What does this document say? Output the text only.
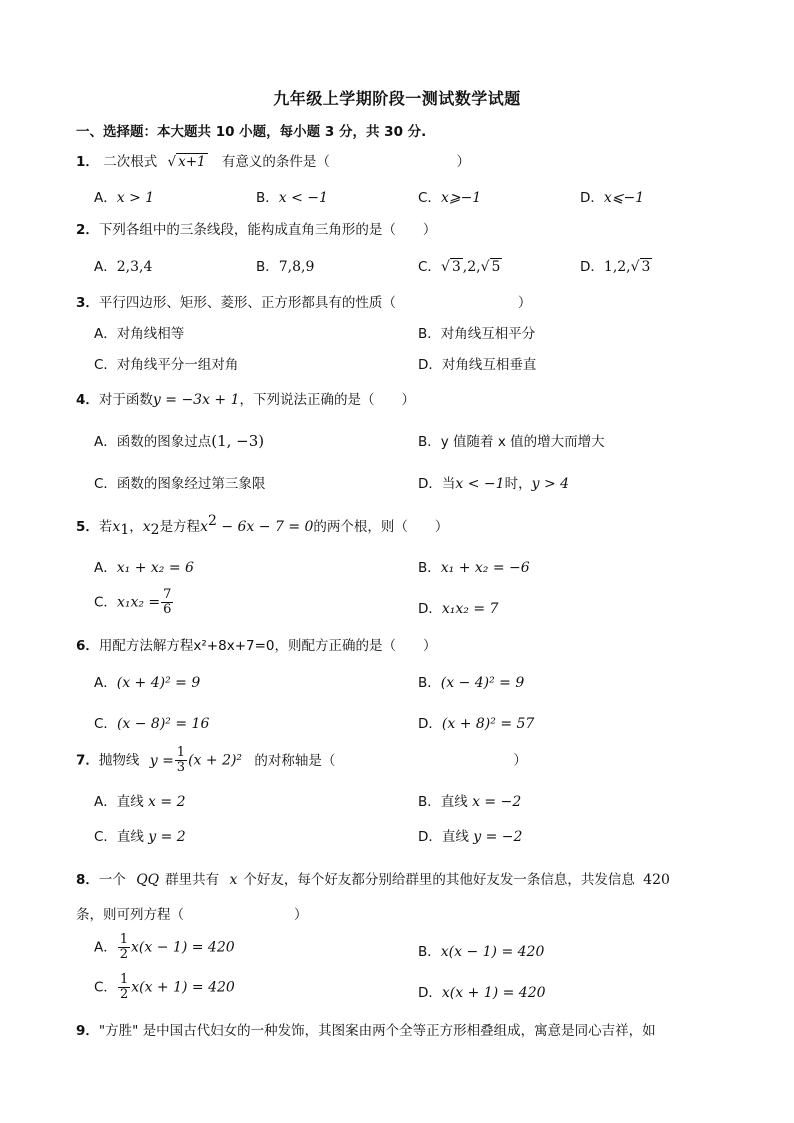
九年级上学期阶段一测试数学试题
一、选择题：本大题共 10 小题，每小题 3 分，共 30 分.
1． 二次根式 √ x+1 有意义的条件是（	）
A．x > 1	B．x < −1	C．x⩾−1	D．x⩽−1
2．下列各组中的三条线段，能构成直角三角形的是（　　）
A．2,3,4	B．7,8,9	C．√ 3 ,2,√ 5	D．1,2,√ 3
3．平行四边形、矩形、菱形、正方形都具有的性质（	）
A．对角线相等	B．对角线互相平分
C．对角线平分一组对角	D．对角线互相垂直
4．对于函数y = −3x + 1，下列说法正确的是（　　）
A．函数的图象过点(1, −3)	B．y 值随着 x 值的增大而增大
C．函数的图象经过第三象限	D．当x < −1时，y > 4
5．若$x_1$，$x_2$是方程$x^2 - 6x - 7 = 0$的两个根，则（　　）
A．x₁ + x₂ = 6	B．x₁ + x₂ = −6
C．$x_1x_2 = \frac{7}{6}$	D．x₁x₂ = 7
6．用配方法解方程x²+8x+7=0，则配方正确的是（　　）
A．(x + 4)² = 9	B．(x − 4)² = 9
C．(x − 8)² = 16	D．(x + 8)² = 57
7．抛物线 $y = \frac{1}{3} (x + 2)^2$ 的对称轴是（	）
A．直线 x = 2	B．直线 x = −2
C．直线 y = 2	D．直线 y = −2
8．一个 QQ 群里共有 x 个好友，每个好友都分别给群里的其他好友发一条信息，共发信息 420
条，则可列方程（	）
A． $\frac{1}{2} x(x - 1) = 420$	B．x(x − 1) = 420
C． $\frac{1}{2} x(x + 1) = 420$	D．x(x + 1) = 420
9．"方胜" 是中国古代妇女的一种发饰，其图案由两个全等正方形相叠组成，寓意是同心吉祥，如
